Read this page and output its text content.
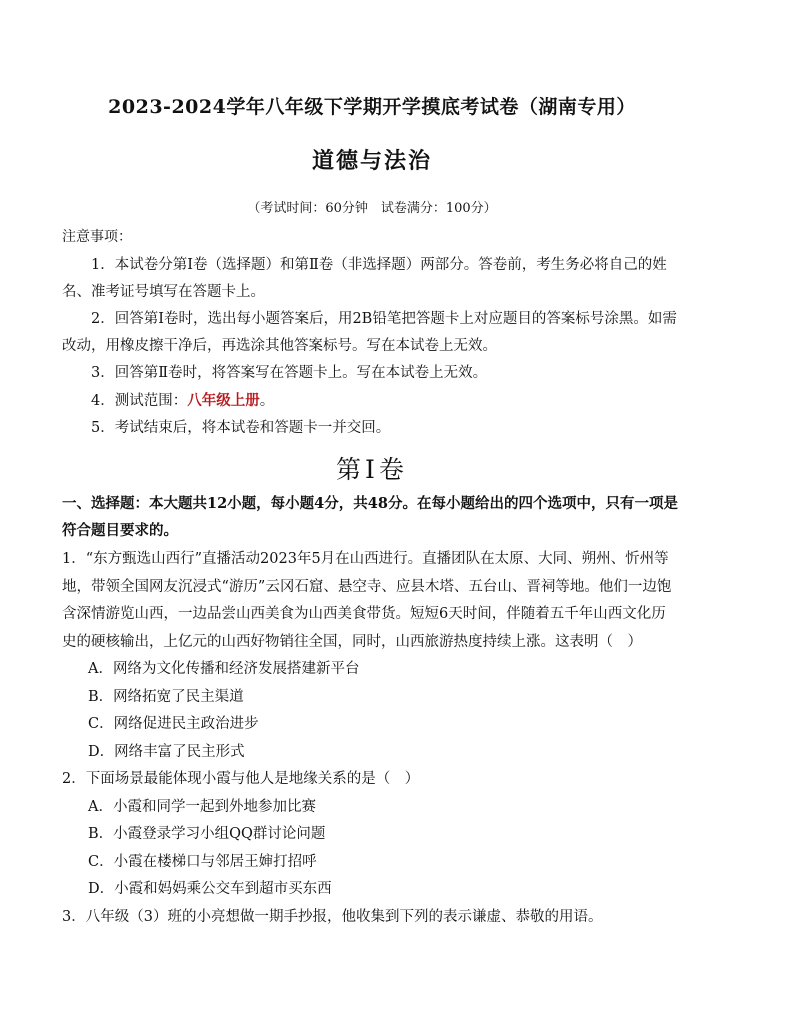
2023-2024学年八年级下学期开学摸底考试卷（湖南专用）
道德与法治
（考试时间：60分钟　试卷满分：100分）
注意事项：

1．本试卷分第Ⅰ卷（选择题）和第Ⅱ卷（非选择题）两部分。答卷前，考生务必将自己的姓名、准考证号填写在答题卡上。

2．回答第Ⅰ卷时，选出每小题答案后，用2B铅笔把答题卡上对应题目的答案标号涂黑。如需改动，用橡皮擦干净后，再选涂其他答案标号。写在本试卷上无效。

3．回答第Ⅱ卷时，将答案写在答题卡上。写在本试卷上无效。

4．测试范围：八年级上册。

5．考试结束后，将本试卷和答题卡一并交回。

第Ⅰ卷
一、选择题：本大题共12小题，每小题4分，共48分。在每小题给出的四个选项中，只有一项是符合题目要求的。

1．“东方甄选山西行”直播活动2023年5月在山西进行。直播团队在太原、大同、朔州、忻州等地，带领全国网友沉浸式“游历”云冈石窟、悬空寺、应县木塔、五台山、晋祠等地。他们一边饱含深情游览山西，一边品尝山西美食为山西美食带货。短短6天时间，伴随着五千年山西文化历史的硬核输出，上亿元的山西好物销往全国，同时，山西旅游热度持续上涨。这表明（　）

A．网络为文化传播和经济发展搭建新平台

B．网络拓宽了民主渠道

C．网络促进民主政治进步

D．网络丰富了民主形式

2．下面场景最能体现小霞与他人是地缘关系的是（　）

A．小霞和同学一起到外地参加比赛

B．小霞登录学习小组QQ群讨论问题

C．小霞在楼梯口与邻居王婶打招呼

D．小霞和妈妈乘公交车到超市买东西

3．八年级（3）班的小亮想做一期手抄报，他收集到下列的表示谦虚、恭敬的用语。
